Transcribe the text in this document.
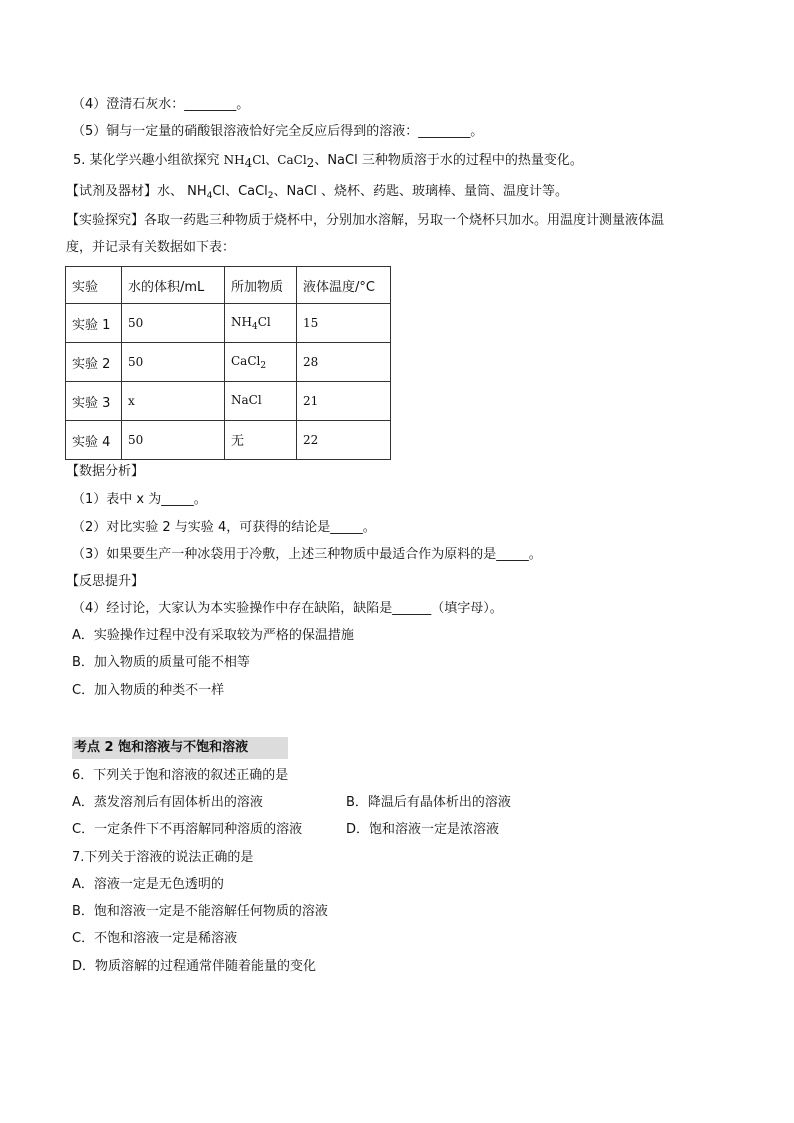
（4）澄清石灰水：________。
（5）铜与一定量的硝酸银溶液恰好完全反应后得到的溶液：________。
5. 某化学兴趣小组欲探究 NH4Cl、CaCl2、NaCl 三种物质溶于水的过程中的热量变化。
【试剂及器材】水、 $NH_4Cl$、CaCl$_2$、NaCl 、烧杯、药匙、玻璃棒、量筒、温度计等。
【实验探究】各取一药匙三种物质于烧杯中，分别加水溶解，另取一个烧杯只加水。用温度计测量液体温
度，并记录有关数据如下表：
实验	水的体积/mL	所加物质	液体温度/°C
实验 1	50	$NH_4Cl$	15
实验 2	50	CaCl$_2$	28
实验 3	x	NaCl	21
实验 4	50	无	22
【数据分析】
（1）表中 x 为_____。
（2）对比实验 2 与实验 4，可获得的结论是_____。
（3）如果要生产一种冰袋用于冷敷，上述三种物质中最适合作为原料的是_____。
【反思提升】
（4）经讨论，大家认为本实验操作中存在缺陷，缺陷是______（填字母）。
A．实验操作过程中没有采取较为严格的保温措施
B．加入物质的质量可能不相等
C．加入物质的种类不一样
考点 2 饱和溶液与不饱和溶液
6．下列关于饱和溶液的叙述正确的是
A．蒸发溶剂后有固体析出的溶液	B．降温后有晶体析出的溶液
C．一定条件下不再溶解同种溶质的溶液	D．饱和溶液一定是浓溶液
7.下列关于溶液的说法正确的是
A．溶液一定是无色透明的
B．饱和溶液一定是不能溶解任何物质的溶液
C．不饱和溶液一定是稀溶液
D．物质溶解的过程通常伴随着能量的变化
